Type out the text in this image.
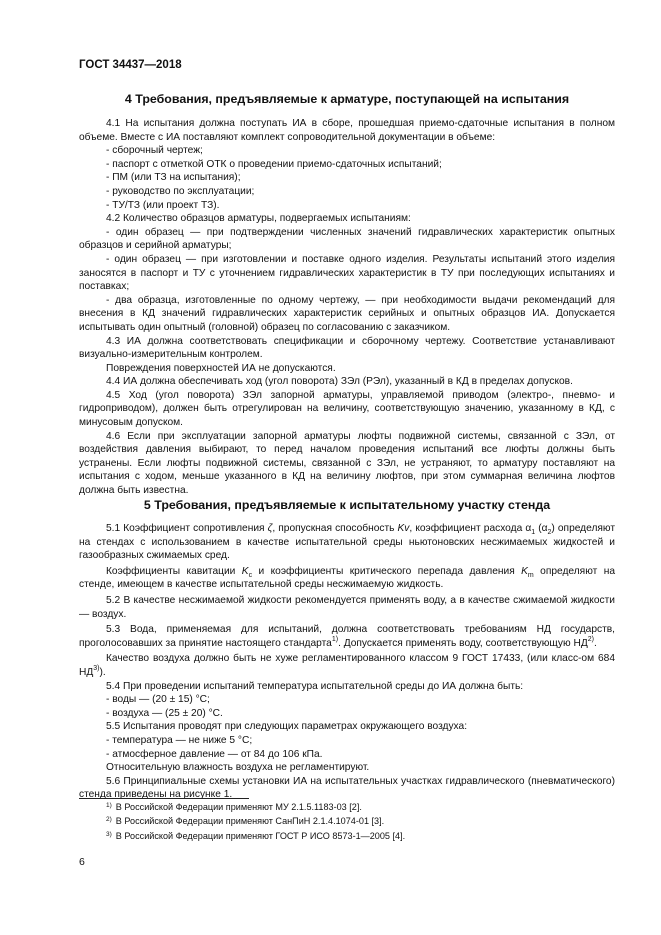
ГОСТ 34437—2018
4 Требования, предъявляемые к арматуре, поступающей на испытания

4.1 На испытания должна поступать ИА в сборе, прошедшая приемо-сдаточные испытания в полном объеме. Вместе с ИА поставляют комплект сопроводительной документации в объеме:

- сборочный чертеж;

- паспорт с отметкой ОТК о проведении приемо-сдаточных испытаний;

- ПМ (или ТЗ на испытания);

- руководство по эксплуатации;

- ТУ/ТЗ (или проект ТЗ).

4.2 Количество образцов арматуры, подвергаемых испытаниям:

- один образец — при подтверждении численных значений гидравлических характеристик опытных образцов и серийной арматуры;

- один образец — при изготовлении и поставке одного изделия. Результаты испытаний этого изделия заносятся в паспорт и ТУ с уточнением гидравлических характеристик в ТУ при последующих испытаниях и поставках;

- два образца, изготовленные по одному чертежу, — при необходимости выдачи рекомендаций для внесения в КД значений гидравлических характеристик серийных и опытных образцов ИА. Допускается испытывать один опытный (головной) образец по согласованию с заказчиком.

4.3 ИА должна соответствовать спецификации и сборочному чертежу. Соответствие устанавливают визуально-измерительным контролем.

Повреждения поверхностей ИА не допускаются.

4.4 ИА должна обеспечивать ход (угол поворота) ЗЭл (РЭл), указанный в КД в пределах допусков.

4.5 Ход (угол поворота) ЗЭл запорной арматуры, управляемой приводом (электро-, пневмо- и гидроприводом), должен быть отрегулирован на величину, соответствующую значению, указанному в КД, с минусовым допуском.

4.6 Если при эксплуатации запорной арматуры люфты подвижной системы, связанной с ЗЭл, от воздействия давления выбирают, то перед началом проведения испытаний все люфты должны быть устранены. Если люфты подвижной системы, связанной с ЗЭл, не устраняют, то арматуру поставляют на испытания с ходом, меньше указанного в КД на величину люфтов, при этом суммарная величина люфтов должна быть известна.

5 Требования, предъявляемые к испытательному участку стенда

5.1 Коэффициент сопротивления ζ, пропускная способность Kv, коэффициент расхода $\alpha_1$ $(\alpha_2)$ определяют на стендах с использованием в качестве испытательной среды ньютоновских несжимаемых жидкостей и газообразных сжимаемых сред.

Коэффициенты кавитации $K_c$ и коэффициенты критического перепада давления $K_m$ определяют на стенде, имеющем в качестве испытательной среды несжимаемую жидкость.

5.2 В качестве несжимаемой жидкости рекомендуется применять воду, а в качестве сжимаемой жидкости — воздух.

5.3 Вода, применяемая для испытаний, должна соответствовать требованиям НД государств, проголосовавших за принятие настоящего стандарта$^{1)}$. Допускается применять воду, соответствующую НД$^{2)}$.

Качество воздуха должно быть не хуже регламентированного классом 9 ГОСТ 17433, (или класс-ом 684 НД$^{3)}$).

5.4 При проведении испытаний температура испытательной среды до ИА должна быть:

- воды — (20 ± 15) °С;

- воздуха — (25 ± 20) °С.

5.5 Испытания проводят при следующих параметрах окружающего воздуха:

- температура — не ниже 5 °С;

- атмосферное давление — от 84 до 106 кПа.

Относительную влажность воздуха не регламентируют.

5.6 Принципиальные схемы установки ИА на испытательных участках гидравлического (пневматического) стенда приведены на рисунке 1.

$^{1)}$ В Российской Федерации применяют МУ 2.1.5.1183-03 [2].
$^{2)}$ В Российской Федерации применяют СанПиН 2.1.4.1074-01 [3].
$^{3)}$ В Российской Федерации применяют ГОСТ Р ИСО 8573-1—2005 [4].
6
